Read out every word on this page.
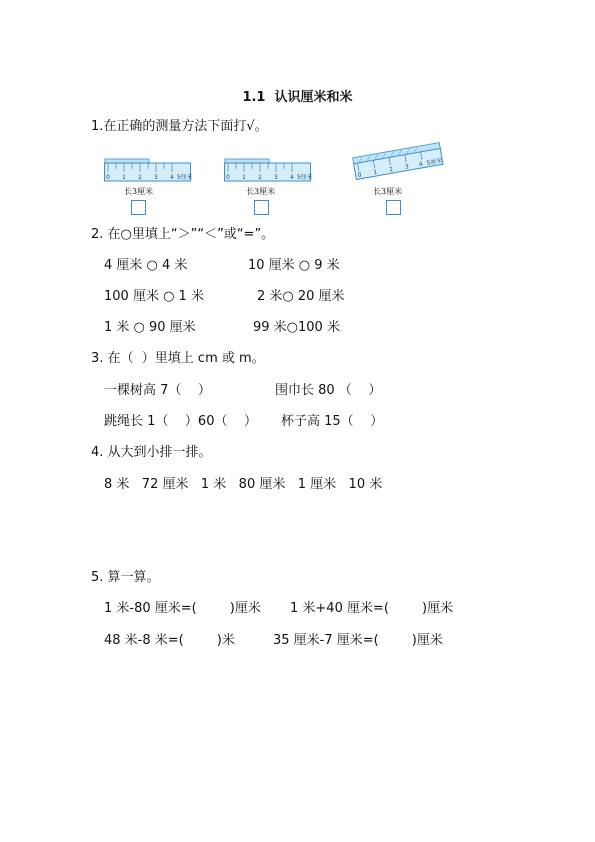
1.1  认识厘米和米
1.在正确的测量方法下面打√。
0 1 2 3 4 5厘米
长3厘米
0 1 2 3 4 5厘米
长3厘米
0 1 2 3 4 5厘米
长3厘米
2. 在○里填上“＞”“＜”或“=”。
4 厘米 ○ 4 米	10 厘米 ○ 9 米
100 厘米 ○ 1 米	2 米○ 20 厘米
1 米 ○ 90 厘米	99 米○100 米
3. 在（  ）里填上 cm 或 m。
一棵树高 7（    ）	围巾长 80 （    ）
跳绳长 1（    ）60（    ） 杯子高 15（    ）
4. 从大到小排一排。
8 米   72 厘米   1 米   80 厘米   1 厘米   10 米
5. 算一算。
1 米-80 厘米=(        )厘米 1 米+40 厘米=(        )厘米
48 米-8 米=(        )米	35 厘米-7 厘米=(        )厘米
